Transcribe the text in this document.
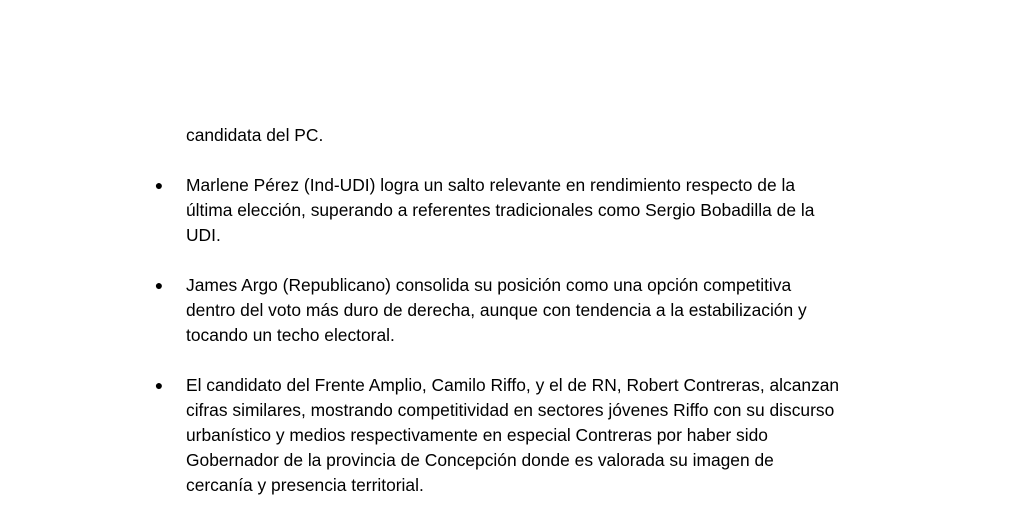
candidata del PC.

● Marlene Pérez (Ind-UDI) logra un salto relevante en rendimiento respecto de la

última elección, superando a referentes tradicionales como Sergio Bobadilla de la

UDI.

● James Argo (Republicano) consolida su posición como una opción competitiva

dentro del voto más duro de derecha, aunque con tendencia a la estabilización y

tocando un techo electoral.

● El candidato del Frente Amplio, Camilo Riffo, y el de RN, Robert Contreras, alcanzan

cifras similares, mostrando competitividad en sectores jóvenes Riffo con su discurso

urbanístico y medios respectivamente en especial Contreras por haber sido

Gobernador de la provincia de Concepción donde es valorada su imagen de

cercanía y presencia territorial.
